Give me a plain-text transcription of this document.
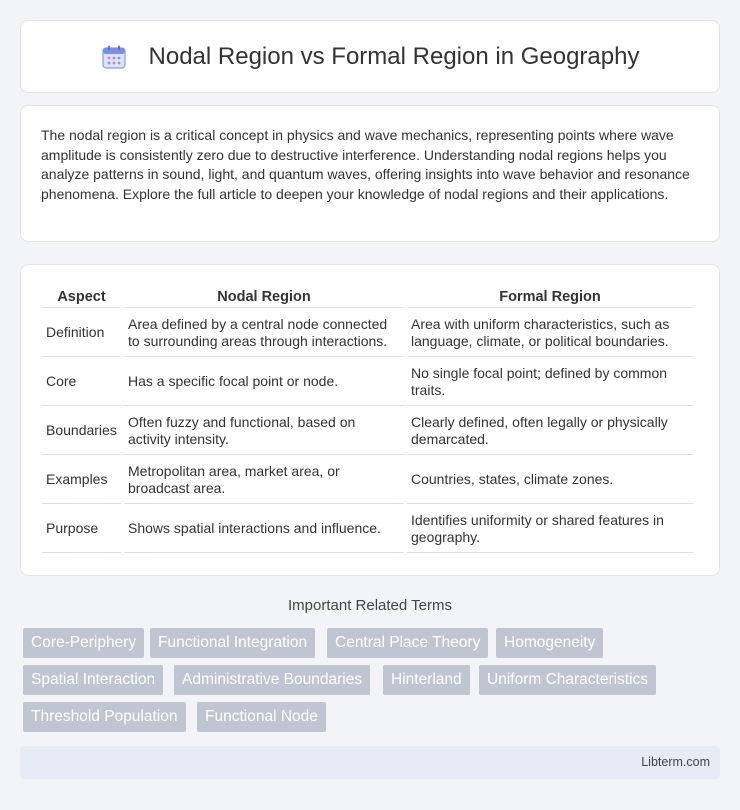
Nodal Region vs Formal Region in Geography

The nodal region is a critical concept in physics and wave mechanics, representing points where wave amplitude is consistently zero due to destructive interference. Understanding nodal regions helps you analyze patterns in sound, light, and quantum waves, offering insights into wave behavior and resonance phenomena. Explore the full article to deepen your knowledge of nodal regions and their applications.

Aspect	Nodal Region	Formal Region
Definition	Area defined by a central node connected to surrounding areas through interactions.	Area with uniform characteristics, such as language, climate, or political boundaries.
Core	Has a specific focal point or node.	No single focal point; defined by common traits.
Boundaries	Often fuzzy and functional, based on activity intensity.	Clearly defined, often legally or physically demarcated.
Examples	Metropolitan area, market area, or broadcast area.	Countries, states, climate zones.
Purpose	Shows spatial interactions and influence.	Identifies uniformity or shared features in geography.
Important Related Terms
Core-Periphery	Functional Integration	Central Place Theory	Homogeneity
Spatial Interaction	Administrative Boundaries	Hinterland	Uniform Characteristics
Threshold Population	Functional Node
Libterm.com
